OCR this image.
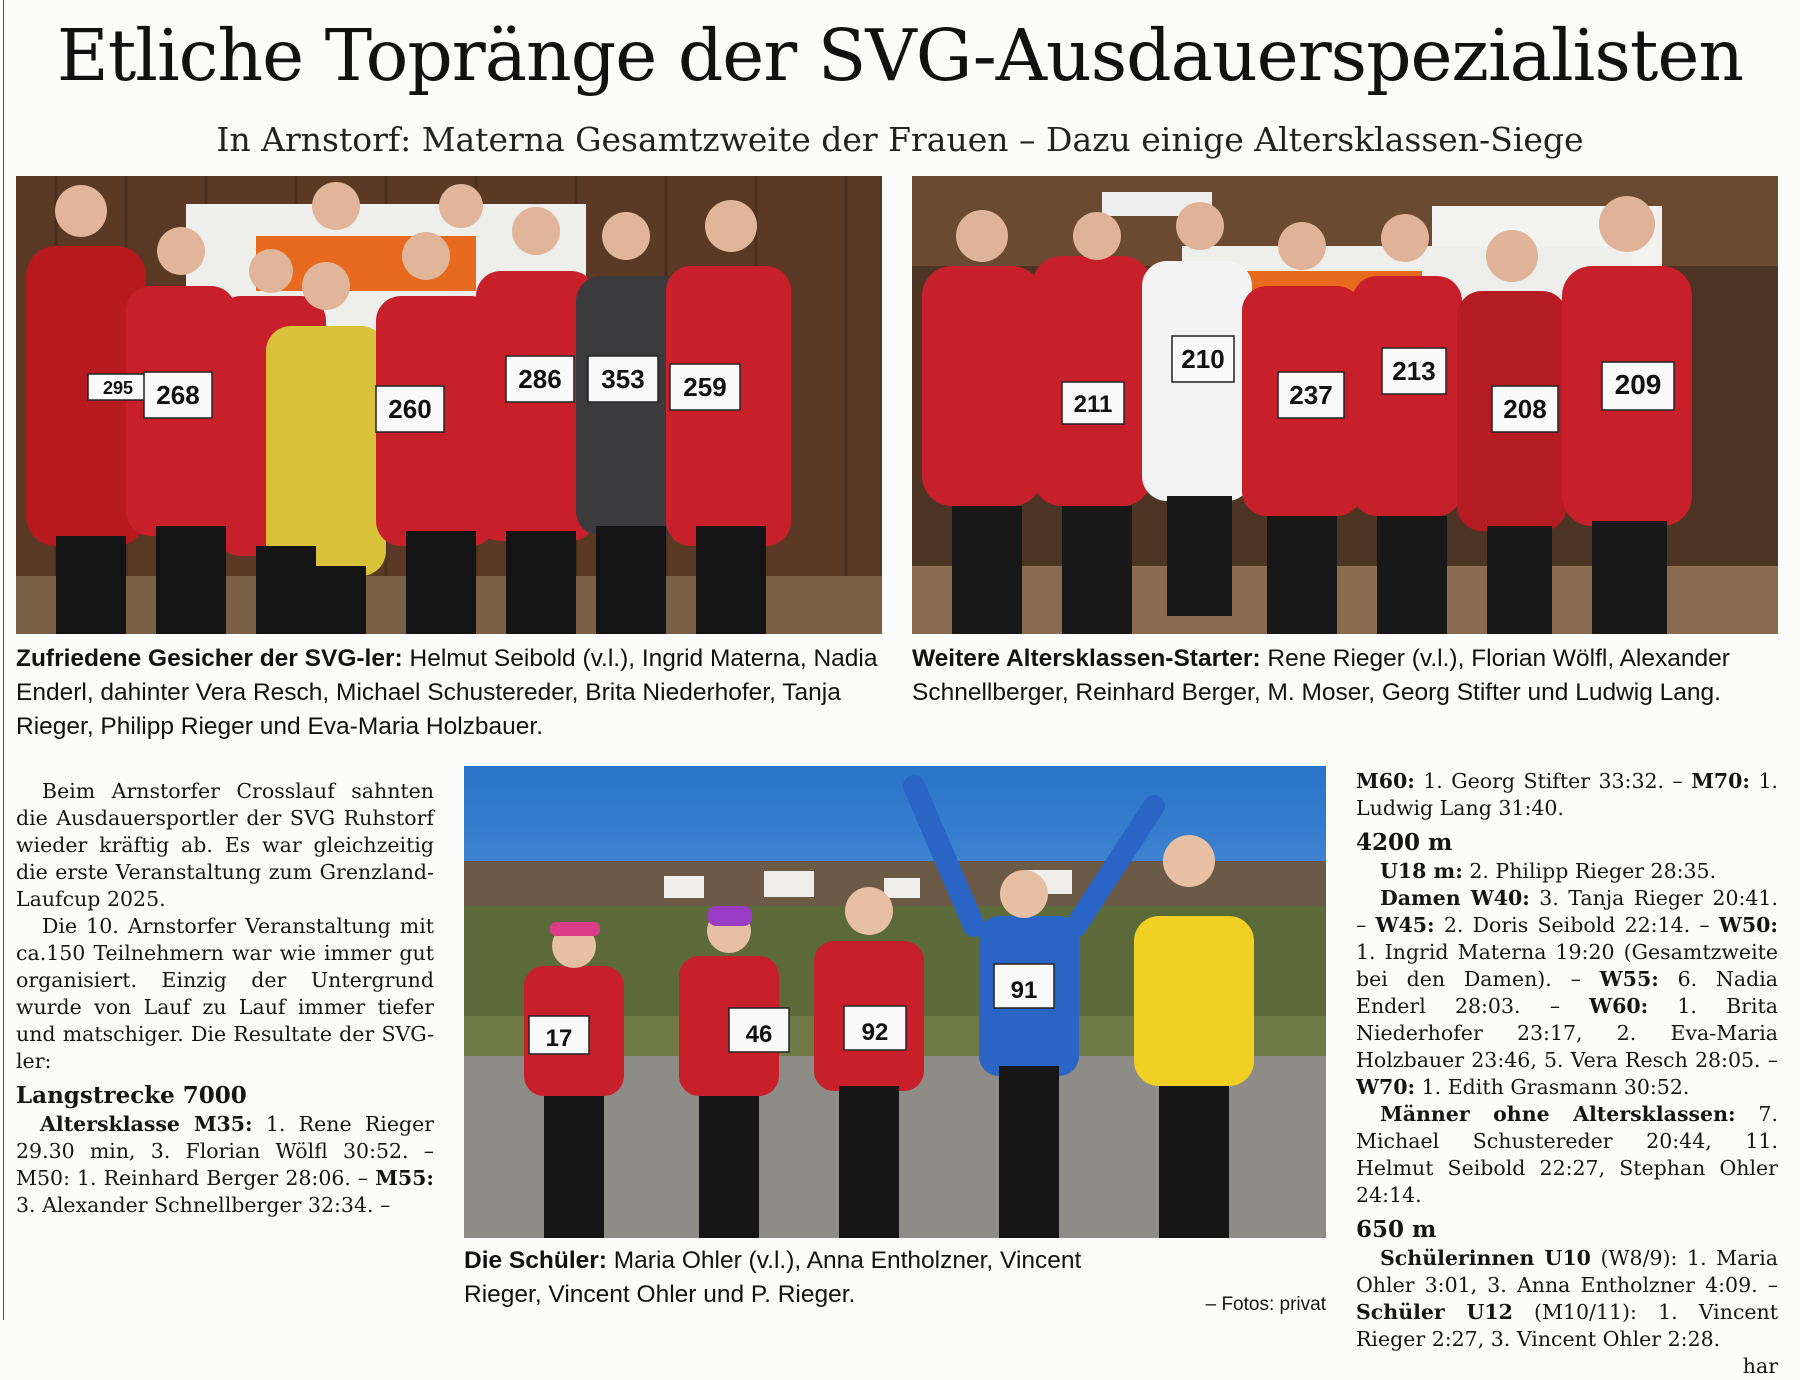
Etliche Topränge der SVG-Ausdauerspezialisten
In Arnstorf: Materna Gesamtzweite der Frauen – Dazu einige Altersklassen-Siege
295 268	260
286 353 259
211
210
237
213
208
209
Zufriedene Gesicher der SVG-ler: Helmut Seibold (v.l.), Ingrid Materna, Nadia Enderl, dahinter Vera Resch, Michael Schustereder, Brita Niederhofer, Tanja Rieger, Philipp Rieger und Eva-Maria Holzbauer.
Weitere Altersklassen-Starter: Rene Rieger (v.l.), Florian Wölfl, Alexander Schnellberger, Reinhard Berger, M. Moser, Georg Stifter und Ludwig Lang.

Beim Arnstorfer Crosslauf sahnten die Ausdauersportler der SVG Ruhstorf wieder kräftig ab. Es war gleichzeitig die erste Veranstaltung zum Grenzland-Laufcup 2025.

Die 10. Arnstorfer Veranstaltung mit ca.150 Teilnehmern war wie immer gut organisiert. Einzig der Untergrund wurde von Lauf zu Lauf immer tiefer und matschiger. Die Resultate der SVG-ler:

Langstrecke 7000

Altersklasse M35: 1. Rene Rieger 29.30 min, 3. Florian Wölfl 30:52. – M50: 1. Reinhard Berger 28:06. – M55: 3. Alexander Schnellberger 32:34. –

17	46	92
91
Die Schüler: Maria Ohler (v.l.), Anna Entholzner, Vincent Rieger, Vincent Ohler und P. Rieger.	– Fotos: privat

M60: 1. Georg Stifter 33:32. – M70: 1. Ludwig Lang 31:40.

4200 m

U18 m: 2. Philipp Rieger 28:35.

Damen W40: 3. Tanja Rieger 20:41. – W45: 2. Doris Seibold 22:14. – W50: 1. Ingrid Materna 19:20 (Gesamtzweite bei den Damen). – W55: 6. Nadia Enderl 28:03. – W60: 1. Brita Niederhofer 23:17, 2. Eva-Maria Holzbauer 23:46, 5. Vera Resch 28:05. – W70: 1. Edith Grasmann 30:52.

Männer ohne Altersklassen: 7. Michael Schustereder 20:44, 11. Helmut Seibold 22:27, Stephan Ohler 24:14.

650 m

Schülerinnen U10 (W8/9): 1. Maria Ohler 3:01, 3. Anna Entholzner 4:09. – Schüler U12 (M10/11): 1. Vincent Rieger 2:27, 3. Vincent Ohler 2:28.
har
